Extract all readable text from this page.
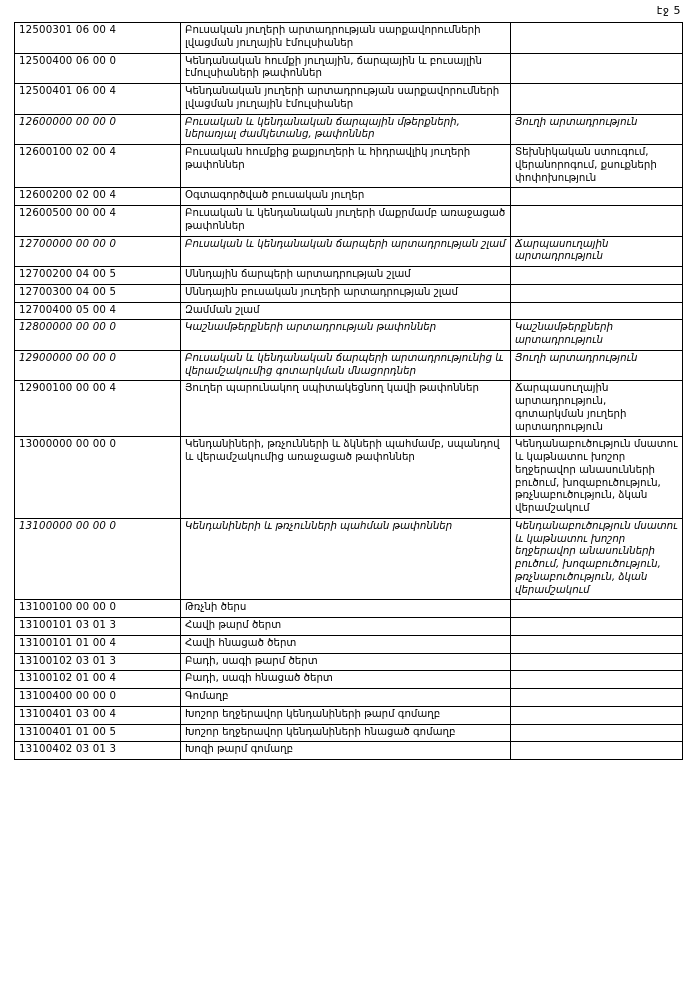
էջ 5
12500301 06 00 4	Բուսական յուղերի արտադրության սարքավորումների լվացման յուղային էմուլսիաներ	
12500400 06 00 0	Կենդանական հումքի յուղային, ճարպային և բուսայլին էմուլսիաների թափոններ	
12500401 06 00 4	Կենդանական յուղերի արտադրության սարքավորումների լվացման յուղային էմուլսիաներ	
12600000 00 00 0	Բուսական և կենդանական ճարպային մթերքների, ներառյալ ժամկետանց, թափոններ	Յուղի արտադրություն
12600100 02 00 4	Բուսական հումքից քաքյուղերի և հիդրավլիկ յուղերի թափոններ	Տեխնիկական ստուգում, վերանորոգում, քսուքների փոփոխություն
12600200 02 00 4	Օգտագործված բուսական յուղեր	
12600500 00 00 4	Բուսական և կենդանական յուղերի մաքրմամբ առաջացած թափոններ	
12700000 00 00 0	Բուսական և կենդանական ճարպերի արտադրության շլամ	Ճարպասուղային արտադրություն
12700200 04 00 5	Սննդային ճարպերի արտադրության շլամ	
12700300 04 00 5	Սննդային բուսական յուղերի արտադրության շլամ	
12700400 05 00 4	Զամման շլամ	
12800000 00 00 0	Կաշնամթերքների արտադրության թափոններ	Կաշնամթերքների արտադրություն
12900000 00 00 0	Բուսական և կենդանական ճարպերի արտադրությունից և վերամշակումից գոտարկման մնացորդներ	Յուղի արտադրություն
12900100 00 00 4	Յուղեր պարունակող սպիտակեցնող կավի թափոններ	Ճարպասուղային արտադրություն, գոտարկման յուղերի արտադրություն
13000000 00 00 0	Կենդանիների, թռչունների և ձկների պահմամբ, սպանդով և վերամշակումից առաջացած թափոններ	Կենդանաբուծություն մսատու և կաթնատու խոշոր եղջերավոր անասունների բուծում, խոզաբուծություն, թռչնաբուծություն, ձկան վերամշակում
13100000 00 00 0	Կենդանիների և թռչունների պահման թափոններ	Կենդանաբուծություն մսատու և կաթնատու խոշոր եղջերավոր անասունների բուծում, խոզաբուծություն, թռչնաբուծություն, ձկան վերամշակում
13100100 00 00 0	Թռչնի ծերս	
13100101 03 01 3	Հավի թարմ ծերտ	
13100101 01 00 4	Հավի հնացած ծերտ	
13100102 03 01 3	Բադի, սագի թարմ ծերտ	
13100102 01 00 4	Բադի, սագի հնացած ծերտ	
13100400 00 00 0	Գոմաղբ	
13100401 03 00 4	Խոշոր եղջերավոր կենդանիների թարմ գոմաղբ	
13100401 01 00 5	Խոշոր եղջերավոր կենդանիների հնացած գոմաղբ	
13100402 03 01 3	Խոզի թարմ գոմաղբ	
